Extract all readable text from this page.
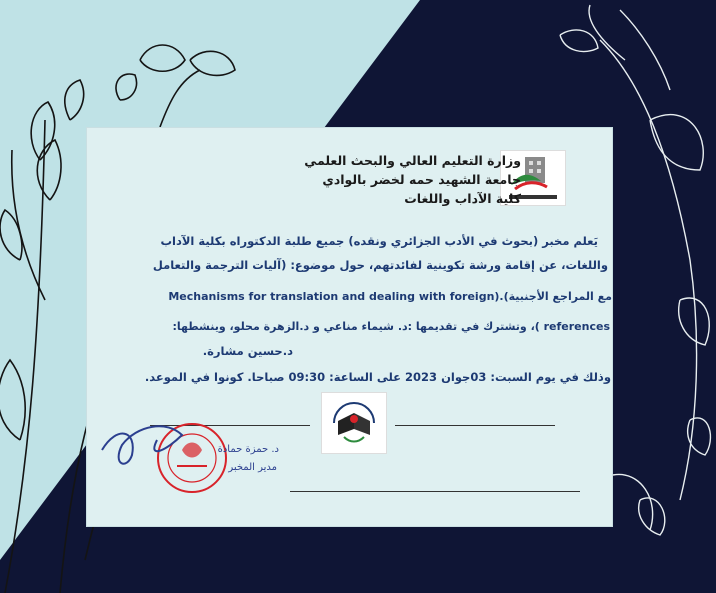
وزارة التعليم العالي والبحث العلمي
جامعة الشهيد حمه لخضر بالوادي
كلية الآداب واللغات
يَعلم مخبر (بحوث في الأدب الجزائري ونقده) جميع طلبة الدكتوراه بكلية الآداب
واللغات، عن إقامة ورشة تكوينية لفائدتهم، حول موضوع: (آليات الترجمة والتعامل
مع المراجع الأجنبية).(Mechanisms for translation and dealing with foreign
references )، وتشترك في تقديمها :د. شيماء مناعي و د.الزهرة محلو، وينشطها:
د.حسين مشارة.
وذلك في يوم السبت: 03جوان 2023 على الساعة: 09:30 صباحا. كونوا في الموعد.
د. حمزة حمادة
مدير المخبر
